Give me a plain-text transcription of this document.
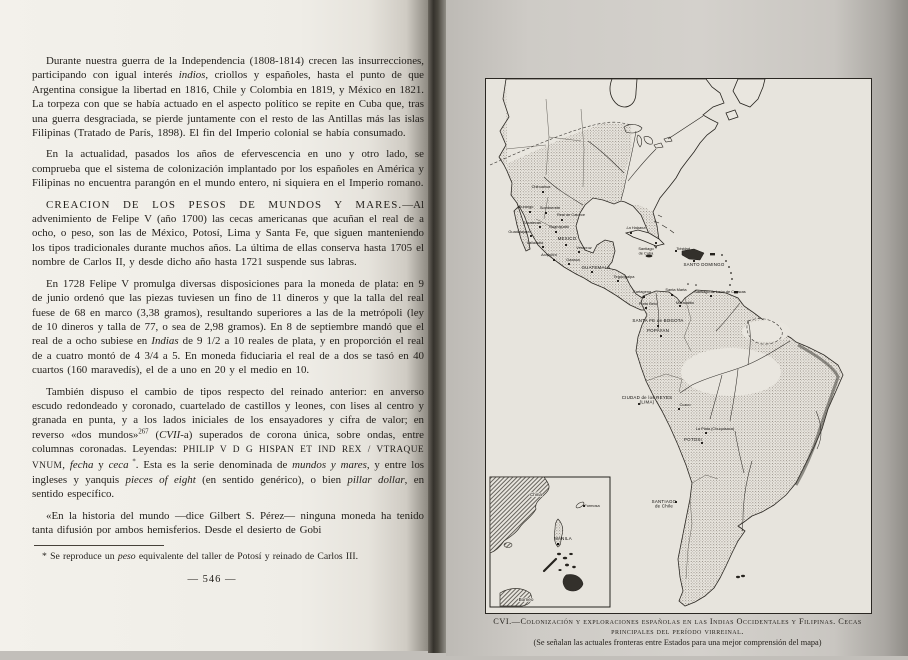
Durante nuestra guerra de la Independencia (1808-1814) crecen las insurrecciones, participando con igual interés indios, criollos y españoles, hasta el punto de que Argentina consigue la libertad en 1816, Chile y Colombia en 1819, y México en 1821. La torpeza con que se había actuado en el aspecto político se repite en Cuba que, tras una guerra desgraciada, se pierde juntamente con el resto de las Antillas más las islas Filipinas (Tratado de París, 1898). El fin del Imperio colonial se había consumado.

En la actualidad, pasados los años de efervescencia en uno y otro lado, se comprueba que el sistema de colonización implantado por los españoles en América y Filipinas no encuentra parangón en el mundo entero, ni siquiera en el Imperio romano.

CREACION DE LOS PESOS DE MUNDOS Y MARES.—Al advenimiento de Felipe V (año 1700) las cecas americanas que acuñan el real de a ocho, o peso, son las de México, Potosí, Lima y Santa Fe, que siguen manteniendo los tipos tradicionales durante muchos años. La última de ellas conserva hasta 1705 el nombre de Carlos II, y desde dicho año hasta 1721 suspende sus labras.

En 1728 Felipe V promulga diversas disposiciones para la moneda de plata: en 9 de junio ordenó que las piezas tuviesen un fino de 11 dineros y que la talla del real fuese de 68 en marco (3,38 gramos), resultando superiores a las de la metrópoli (ley de 10 dineros y talla de 77, o sea de 2,98 gramos). En 8 de septiembre mandó que el real de a ocho subiese en Indias de 9 1/2 a 10 reales de plata, y en proporción el real de a cuatro montó de 4 3/4 a 5. En moneda fiduciaria el real de a dos se tasó en 40 cuartos (160 maravedís), el de a uno en 20 y el medio en 10.

También dispuso el cambio de tipos respecto del reinado anterior: en anverso escudo redondeado y coronado, cuartelado de castillos y leones, con lises al centro y granada en punta, y a los lados iniciales de los ensayadores y cifra de valor; en reverso «dos mundos»$^{267}$ (CVII-a) superados de corona única, sobre ondas, entre columnas coronadas. Leyendas: PHILIP V D G HISPAN ET IND REX / VTRAQUE VNUM, fecha y ceca *. Esta es la serie denominada de mundos y mares, y entre los ingleses y yanquis pieces of eight (en sentido genérico), o bien pillar dollar, en sentido específico.

«En la historia del mundo —dice Gilbert S. Pérez— ninguna moneda ha tenido tanta difusión por ambos hemisferios. Desde el desierto de Gobi

* Se reproduce un peso equivalente del taller de Potosí y reinado de Carlos III.
— 546 —
Chihuahua
Durango Sombrerete
Real de Catorce
Zacatecas
Guanajuato
Guadalajara
Valladolid
MEXICO
Veracruz
Acapulco
Oaxaca
GUATEMALA
Tegucigalpa
La Habana
Santiago de Cuba
Trinidad
SANTO DOMINGO
Cartagena	Santa Marta Santiago de León de Caracas
Maracaibo
Porto Belo
SANTA FE de BOGOTA
POPAYAN
CIUDAD de los REYES (LIMA)	Cuzco
La Plata (Chuquisaca)
POTOSI
SANTIAGO de Chile
China
Formosa
MANILA
Borneo
CVI.—Colonización y exploraciones españolas en las Indias Occidentales y Filipinas. Cecas
principales del período virreinal.
(Se señalan las actuales fronteras entre Estados para una mejor comprensión del mapa)
